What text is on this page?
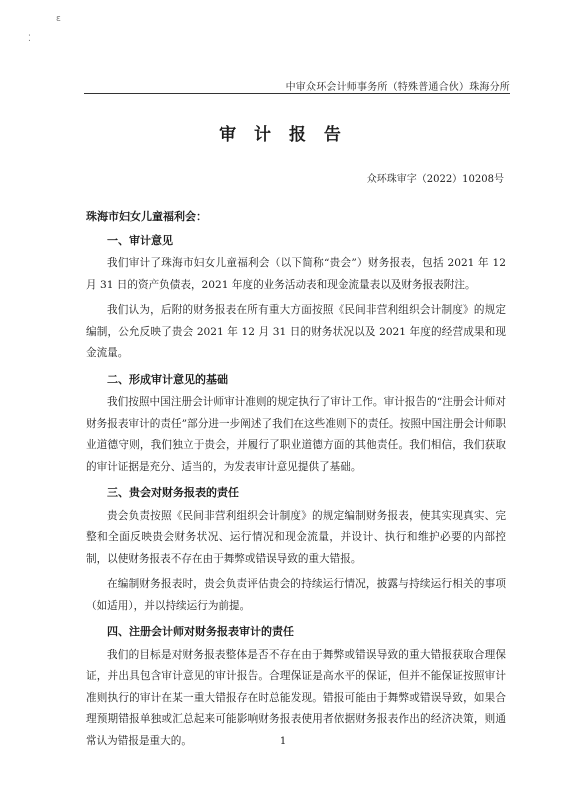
ε
⁚
中审众环会计师事务所（特殊普通合伙）珠海分所
审 计 报 告
众环珠审字（2022）10208号
珠海市妇女儿童福利会：
一、审计意见

我们审计了珠海市妇女儿童福利会（以下简称“贵会”）财务报表，包括 2021 年 12 月 31 日的资产负债表，2021 年度的业务活动表和现金流量表以及财务报表附注。

我们认为，后附的财务报表在所有重大方面按照《民间非营利组织会计制度》的规定编制，公允反映了贵会 2021 年 12 月 31 日的财务状况以及 2021 年度的经营成果和现金流量。

二、形成审计意见的基础

我们按照中国注册会计师审计准则的规定执行了审计工作。审计报告的“注册会计师对财务报表审计的责任”部分进一步阐述了我们在这些准则下的责任。按照中国注册会计师职业道德守则，我们独立于贵会，并履行了职业道德方面的其他责任。我们相信，我们获取的审计证据是充分、适当的，为发表审计意见提供了基础。

三、贵会对财务报表的责任

贵会负责按照《民间非营利组织会计制度》的规定编制财务报表，使其实现真实、完整和全面反映贵会财务状况、运行情况和现金流量，并设计、执行和维护必要的内部控制，以使财务报表不存在由于舞弊或错误导致的重大错报。

在编制财务报表时，贵会负责评估贵会的持续运行情况，披露与持续运行相关的事项（如适用），并以持续运行为前提。

四、注册会计师对财务报表审计的责任

我们的目标是对财务报表整体是否不存在由于舞弊或错误导致的重大错报获取合理保证，并出具包含审计意见的审计报告。合理保证是高水平的保证，但并不能保证按照审计准则执行的审计在某一重大错报存在时总能发现。错报可能由于舞弊或错误导致，如果合理预期错报单独或汇总起来可能影响财务报表使用者依据财务报表作出的经济决策，则通常认为错报是重大的。	1
